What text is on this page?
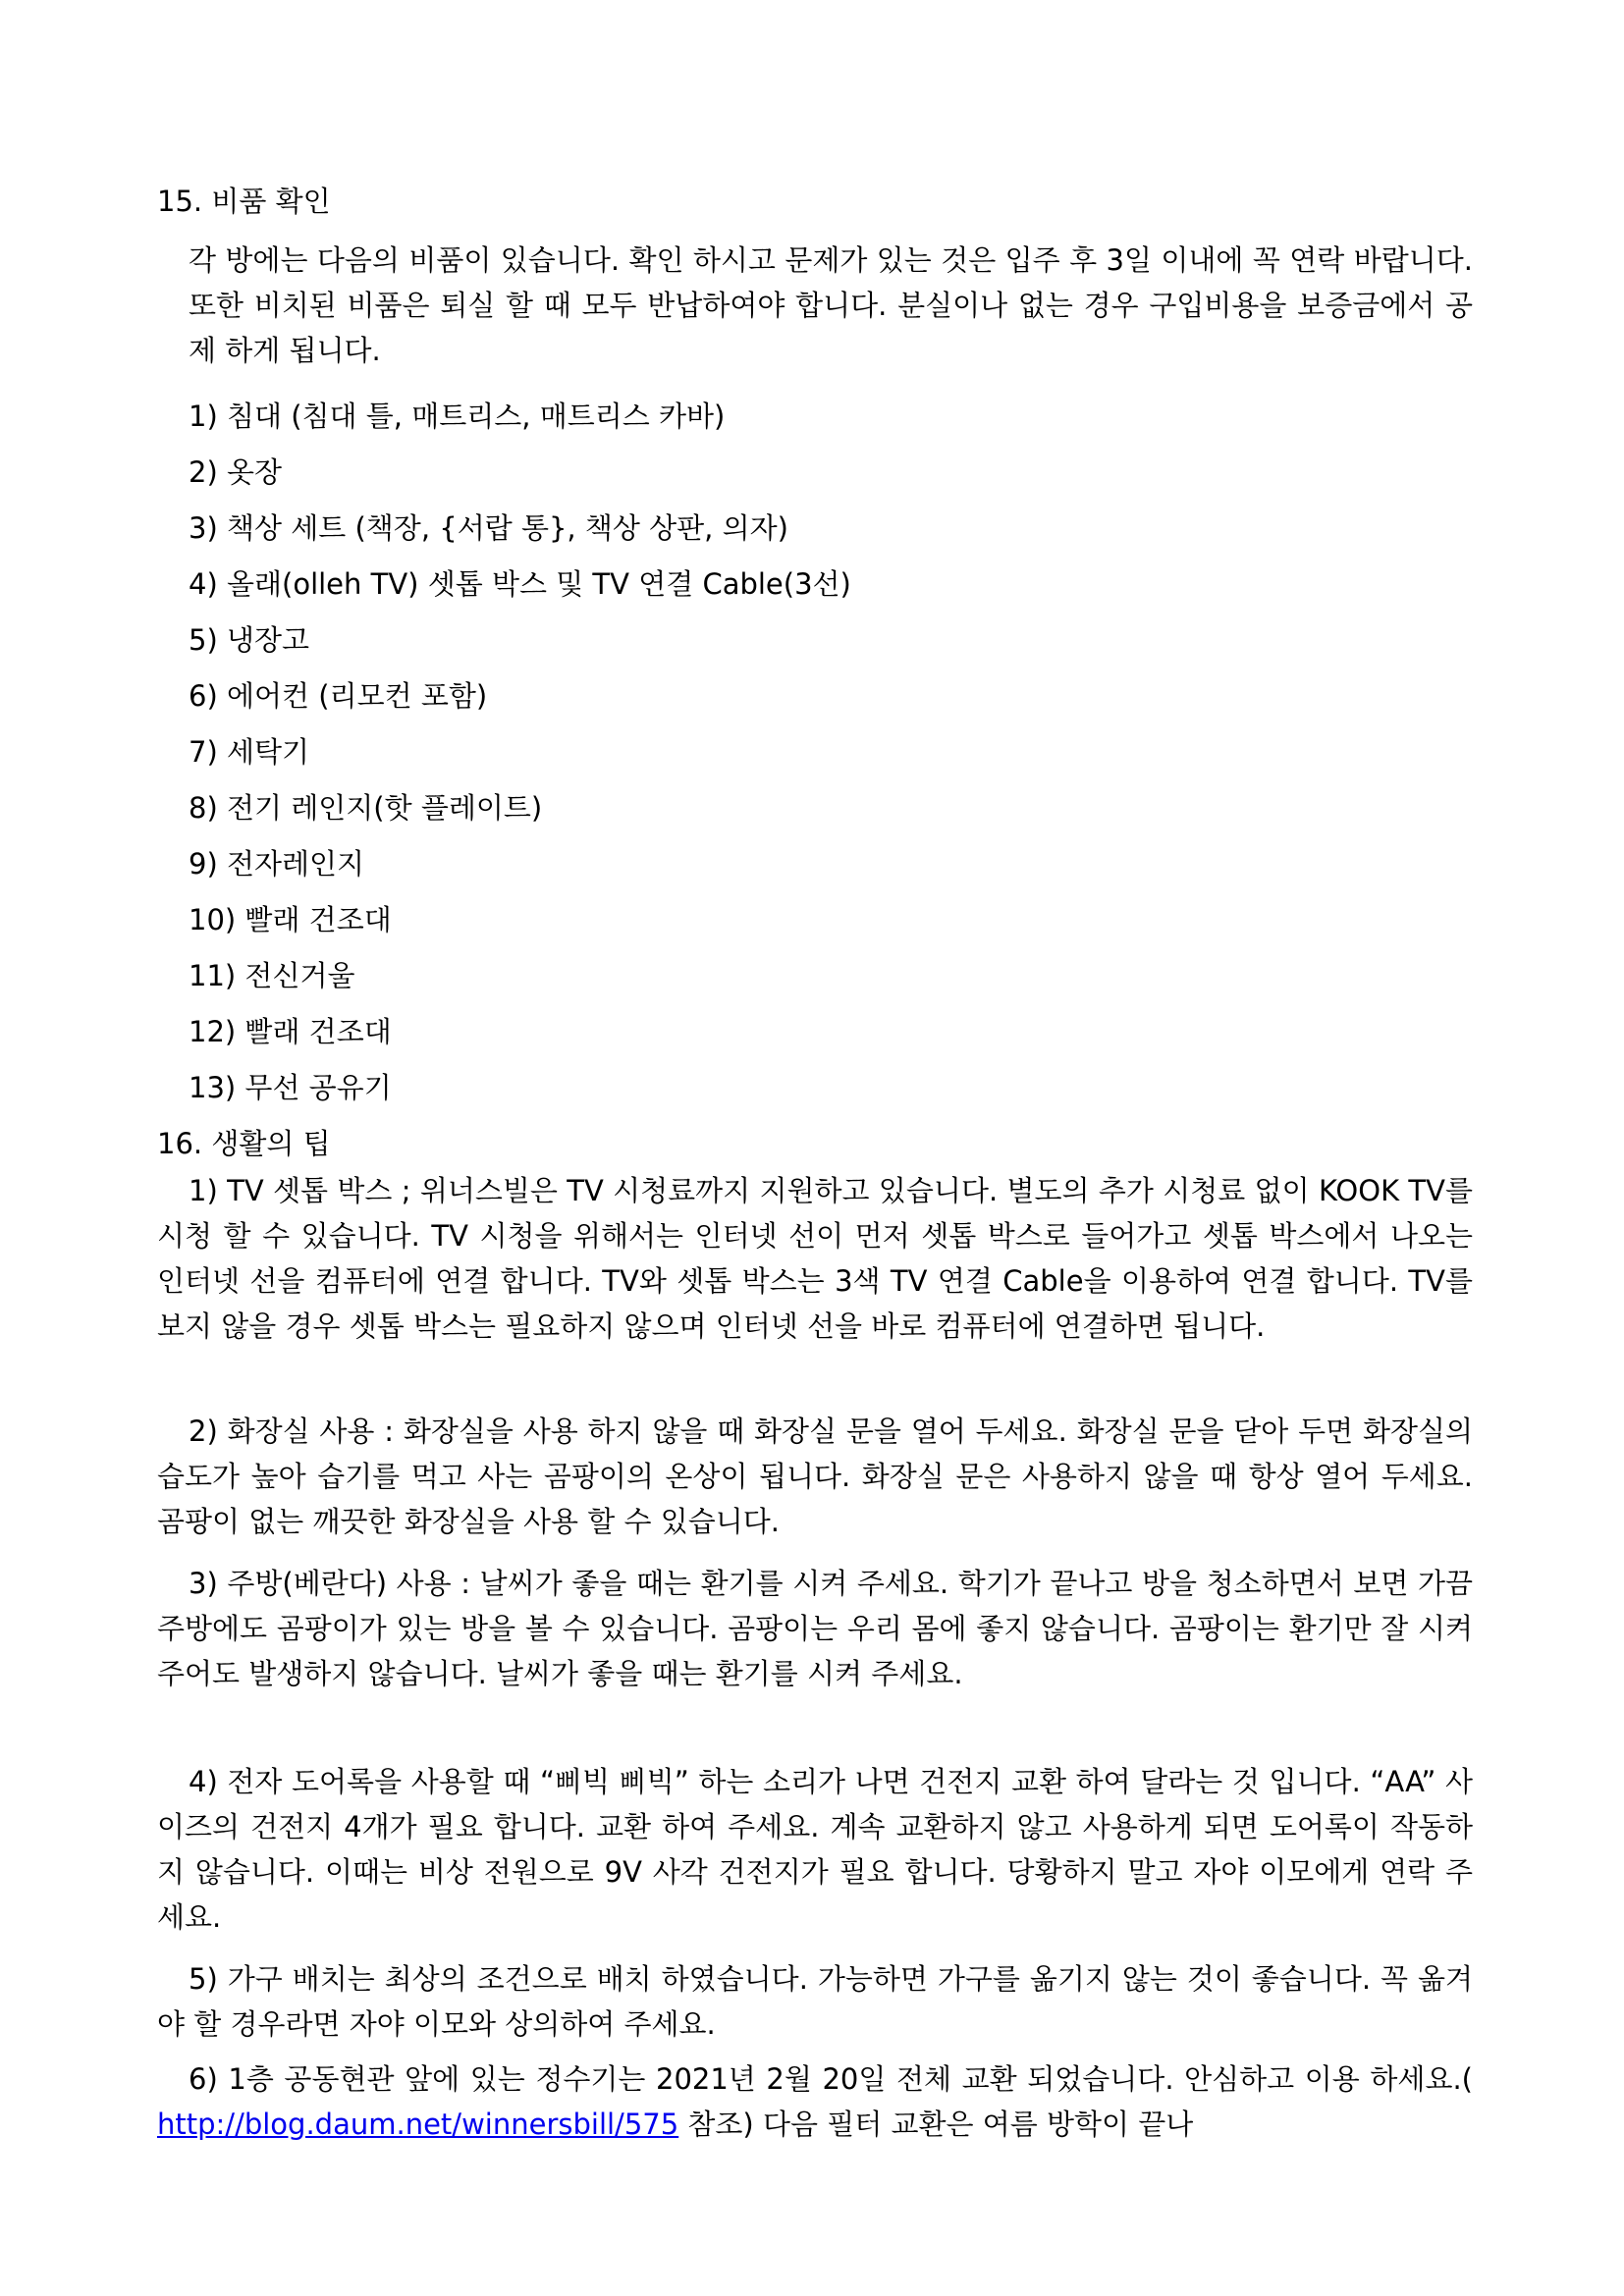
15. 비품 확인

각 방에는 다음의 비품이 있습니다. 확인 하시고 문제가 있는 것은 입주 후 3일 이내에 꼭 연락 바랍니다. 또한 비치된 비품은 퇴실 할 때 모두 반납하여야 합니다. 분실이나 없는 경우 구입비용을 보증금에서 공제 하게 됩니다.

1) 침대 (침대 틀, 매트리스, 매트리스 카바)
2) 옷장
3) 책상 세트 (책장, {서랍 통}, 책상 상판, 의자)
4) 올래(olleh TV) 셋톱 박스 및 TV 연결 Cable(3선)
5) 냉장고
6) 에어컨 (리모컨 포함)
7) 세탁기
8) 전기 레인지(핫 플레이트)
9) 전자레인지
10) 빨래 건조대
11) 전신거울
12) 빨래 건조대
13) 무선 공유기
16. 생활의 팁

1) TV 셋톱 박스 ; 위너스빌은 TV 시청료까지 지원하고 있습니다. 별도의 추가 시청료 없이 KOOK TV를 시청 할 수 있습니다. TV 시청을 위해서는 인터넷 선이 먼저 셋톱 박스로 들어가고 셋톱 박스에서 나오는 인터넷 선을 컴퓨터에 연결 합니다. TV와 셋톱 박스는 3색 TV 연결 Cable을 이용하여 연결 합니다. TV를 보지 않을 경우 셋톱 박스는 필요하지 않으며 인터넷 선을 바로 컴퓨터에 연결하면 됩니다.

2) 화장실 사용 : 화장실을 사용 하지 않을 때 화장실 문을 열어 두세요. 화장실 문을 닫아 두면 화장실의 습도가 높아 습기를 먹고 사는 곰팡이의 온상이 됩니다. 화장실 문은 사용하지 않을 때 항상 열어 두세요. 곰팡이 없는 깨끗한 화장실을 사용 할 수 있습니다.

3) 주방(베란다) 사용 : 날씨가 좋을 때는 환기를 시켜 주세요. 학기가 끝나고 방을 청소하면서 보면 가끔 주방에도 곰팡이가 있는 방을 볼 수 있습니다. 곰팡이는 우리 몸에 좋지 않습니다. 곰팡이는 환기만 잘 시켜주어도 발생하지 않습니다. 날씨가 좋을 때는 환기를 시켜 주세요.

4) 전자 도어록을 사용할 때 “삐빅 삐빅” 하는 소리가 나면 건전지 교환 하여 달라는 것 입니다. “AA” 사이즈의 건전지 4개가 필요 합니다. 교환 하여 주세요. 계속 교환하지 않고 사용하게 되면 도어록이 작동하지 않습니다. 이때는 비상 전원으로 9V 사각 건전지가 필요 합니다. 당황하지 말고 자야 이모에게 연락 주세요.

5) 가구 배치는 최상의 조건으로 배치 하였습니다. 가능하면 가구를 옮기지 않는 것이 좋습니다. 꼭 옮겨야 할 경우라면 자야 이모와 상의하여 주세요.

6) 1층 공동현관 앞에 있는 정수기는 2021년 2월 20일 전체 교환 되었습니다. 안심하고 이용 하세요.( http://blog.daum.net/winnersbill/575 참조) 다음 필터 교환은 여름 방학이 끝나
